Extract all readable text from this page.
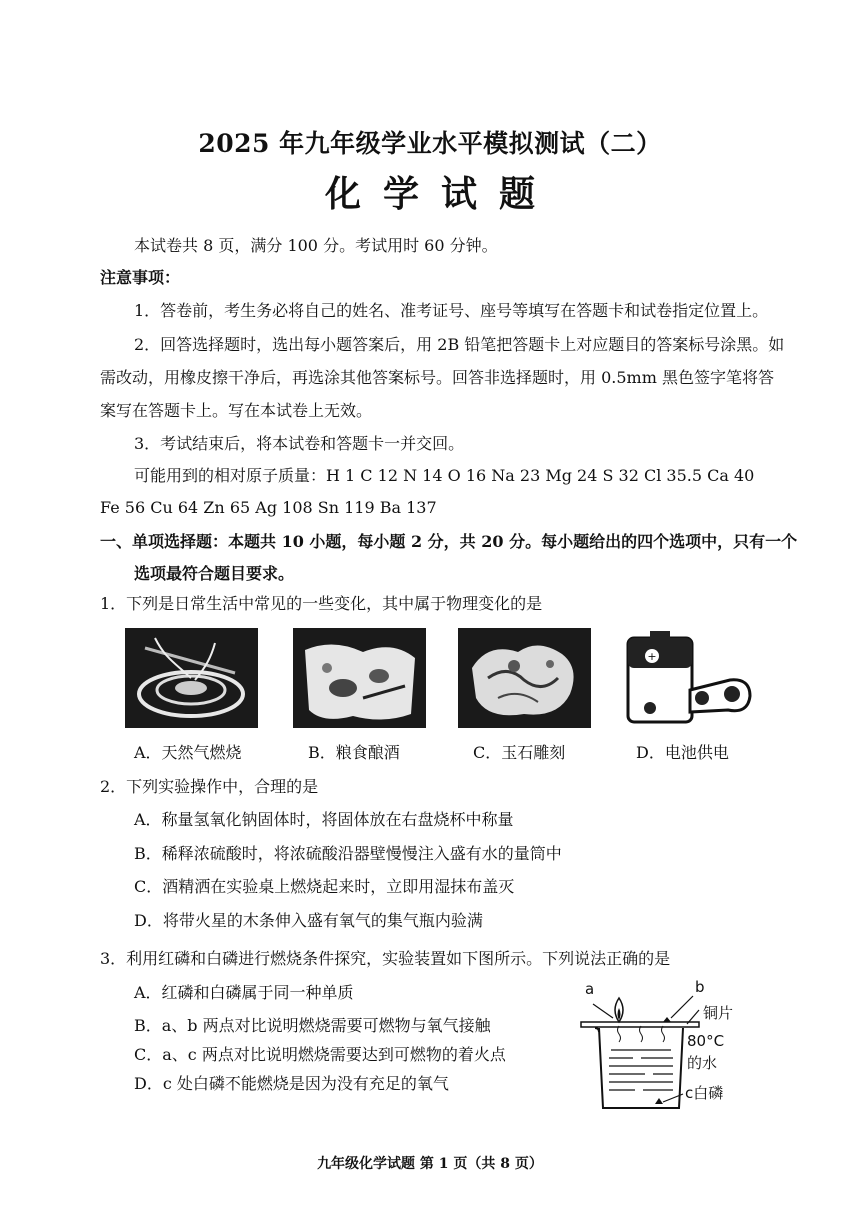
2025 年九年级学业水平模拟测试（二）
化学试题
本试卷共 8 页，满分 100 分。考试用时 60 分钟。
注意事项：
1．答卷前，考生务必将自己的姓名、准考证号、座号等填写在答题卡和试卷指定位置上。
2．回答选择题时，选出每小题答案后，用 2B 铅笔把答题卡上对应题目的答案标号涂黑。如
需改动，用橡皮擦干净后，再选涂其他答案标号。回答非选择题时，用 0.5mm 黑色签字笔将答
案写在答题卡上。写在本试卷上无效。
3．考试结束后，将本试卷和答题卡一并交回。
可能用到的相对原子质量：H 1 C 12 N 14 O 16 Na 23 Mg 24 S 32 Cl 35.5 Ca 40
Fe 56 Cu 64 Zn 65 Ag 108 Sn 119 Ba 137
一、单项选择题：本题共 10 小题，每小题 2 分，共 20 分。每小题给出的四个选项中，只有一个
选项最符合题目要求。
1．下列是日常生活中常见的一些变化，其中属于物理变化的是
+
A．天然气燃烧	B．粮食酿酒	C．玉石雕刻	D．电池供电
2．下列实验操作中，合理的是
A．称量氢氧化钠固体时，将固体放在右盘烧杯中称量
B．稀释浓硫酸时，将浓硫酸沿器壁慢慢注入盛有水的量筒中
C．酒精洒在实验桌上燃烧起来时，立即用湿抹布盖灭
D．将带火星的木条伸入盛有氧气的集气瓶内验满
3．利用红磷和白磷进行燃烧条件探究，实验装置如下图所示。下列说法正确的是
A．红磷和白磷属于同一种单质
B．a、b 两点对比说明燃烧需要可燃物与氧气接触
C．a、c 两点对比说明燃烧需要达到可燃物的着火点
D．c 处白磷不能燃烧是因为没有充足的氧气
a	b
铜片
80°C
的水
c白磷
九年级化学试题 第 1 页（共 8 页）
